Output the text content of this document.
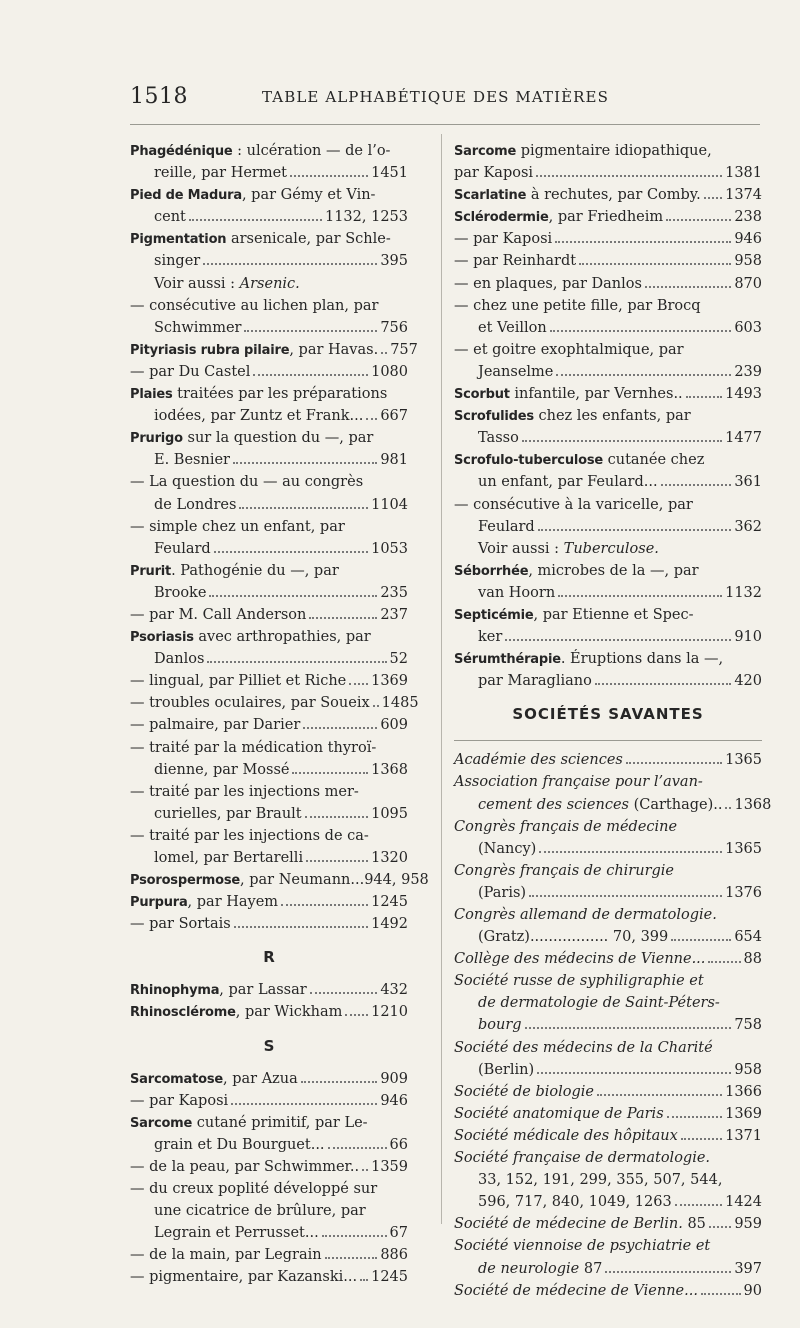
1518	TABLE ALPHABÉTIQUE DES MATIÈRES
Phagédénique : ulcération — de l’o-
reille, par Hermet	1451
Pied de Madura, par Gémy et Vin-
cent	1132, 1253
Pigmentation arsenicale, par Schle-
singer	395
Voir aussi : Arsenic.
— consécutive au lichen plan, par
Schwimmer	756
Pityriasis rubra pilaire, par Havas. 757
— par Du Castel	1080
Plaies traitées par les préparations
iodées, par Zuntz et Frank... 667
Prurigo sur la question du —, par
E. Besnier	981
— La question du — au congrès
de Londres	1104
— simple chez un enfant, par
Feulard	1053
Prurit. Pathogénie du —, par
Brooke	235
— par M. Call Anderson	237
Psoriasis avec arthropathies, par
Danlos	52
— lingual, par Pilliet et Riche 1369
— troubles oculaires, par Soueix 1485
— palmaire, par Darier	609
— traité par la médication thyroï-
dienne, par Mossé	1368
— traité par les injections mer-
curielles, par Brault	1095
— traité par les injections de ca-
lomel, par Bertarelli	1320
Psorospermose, par Neumann...944, 958
Purpura, par Hayem	1245
— par Sortais	1492
R
Rhinophyma, par Lassar	432
Rhinosclérome, par Wickham 1210
S
Sarcomatose, par Azua	909
— par Kaposi	946
Sarcome cutané primitif, par Le-
grain et Du Bourguet...	66
— de la peau, par Schwimmer.. 1359
— du creux poplité développé sur
une cicatrice de brûlure, par
Legrain et Perrusset...	67
— de la main, par Legrain	886
— pigmentaire, par Kazanski... 1245
Sarcome pigmentaire idiopathique,
par Kaposi	1381
Scarlatine à rechutes, par Comby. 1374
Sclérodermie, par Friedheim	238
— par Kaposi	946
— par Reinhardt	958
— en plaques, par Danlos	870
— chez une petite fille, par Brocq
et Veillon	603
— et goitre exophtalmique, par
Jeanselme	239
Scorbut infantile, par Vernhes..	1493
Scrofulides chez les enfants, par
Tasso	1477
Scrofulo-tuberculose cutanée chez
un enfant, par Feulard...	361
— consécutive à la varicelle, par
Feulard	362
Voir aussi : Tuberculose.
Séborrhée, microbes de la —, par
van Hoorn	1132
Septicémie, par Etienne et Spec-
ker	910
Sérumthérapie. Éruptions dans la —,
par Maragliano	420
SOCIÉTÉS SAVANTES
Académie des sciences	1365
Association française pour l’avan-
cement des sciences (Carthage).. 1368
Congrès français de médecine
(Nancy)	1365
Congrès français de chirurgie
(Paris)	1376
Congrès allemand de dermatologie.
(Gratz)................. 70, 399	654
Collège des médecins de Vienne...	88
Société russe de syphiligraphie et
de dermatologie de Saint-Péters-
bourg	758
Société des médecins de la Charité
(Berlin)	958
Société de biologie	1366
Société anatomique de Paris	1369
Société médicale des hôpitaux	1371
Société française de dermatologie.
33, 152, 191, 299, 355, 507, 544,
596, 717, 840, 1049, 1263	1424
Société de médecine de Berlin. 85 959
Société viennoise de psychiatrie et
de neurologie 87	397
Société de médecine de Vienne...	90
